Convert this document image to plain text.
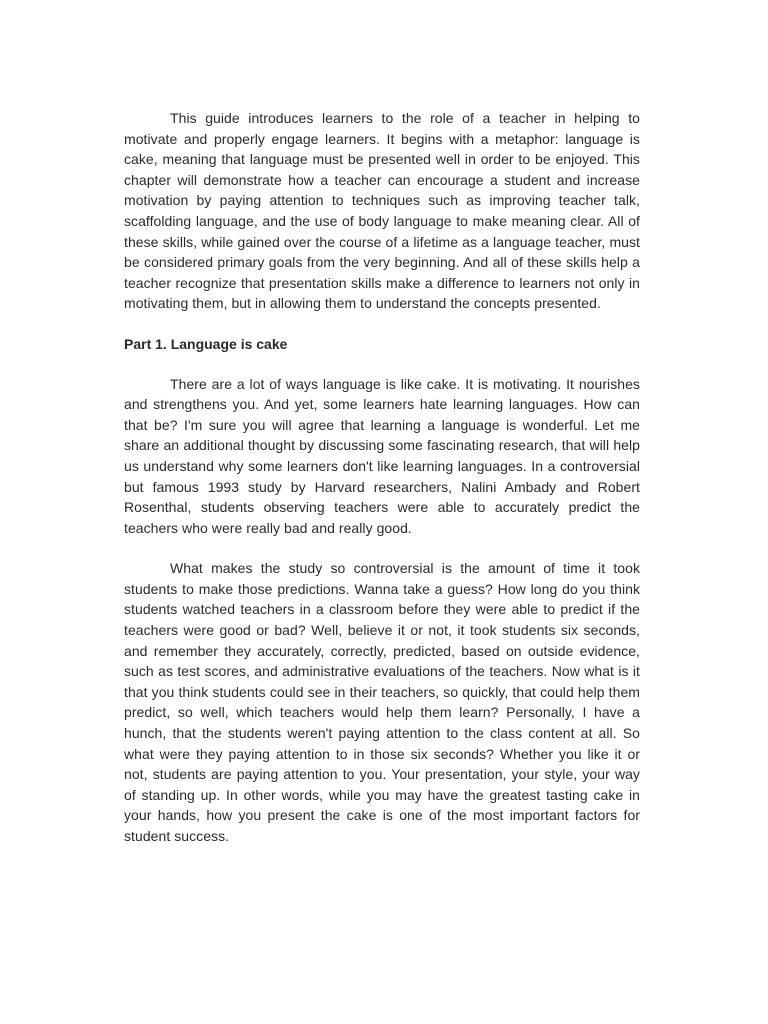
This guide introduces learners to the role of a teacher in helping to motivate and properly engage learners. It begins with a metaphor: language is cake, meaning that language must be presented well in order to be enjoyed. This chapter will demonstrate how a teacher can encourage a student and increase motivation by paying attention to techniques such as improving teacher talk, scaffolding language, and the use of body language to make meaning clear. All of these skills, while gained over the course of a lifetime as a language teacher, must be considered primary goals from the very beginning. And all of these skills help a teacher recognize that presentation skills make a difference to learners not only in motivating them, but in allowing them to understand the concepts presented.

Part 1. Language is cake

There are a lot of ways language is like cake. It is motivating. It nourishes and strengthens you. And yet, some learners hate learning languages. How can that be? I'm sure you will agree that learning a language is wonderful. Let me share an additional thought by discussing some fascinating research, that will help us understand why some learners don't like learning languages. In a controversial but famous 1993 study by Harvard researchers, Nalini Ambady and Robert Rosenthal, students observing teachers were able to accurately predict the teachers who were really bad and really good.

What makes the study so controversial is the amount of time it took students to make those predictions. Wanna take a guess? How long do you think students watched teachers in a classroom before they were able to predict if the teachers were good or bad? Well, believe it or not, it took students six seconds, and remember they accurately, correctly, predicted, based on outside evidence, such as test scores, and administrative evaluations of the teachers. Now what is it that you think students could see in their teachers, so quickly, that could help them predict, so well, which teachers would help them learn? Personally, I have a hunch, that the students weren't paying attention to the class content at all. So what were they paying attention to in those six seconds? Whether you like it or not, students are paying attention to you. Your presentation, your style, your way of standing up. In other words, while you may have the greatest tasting cake in your hands, how you present the cake is one of the most important factors for student success.
